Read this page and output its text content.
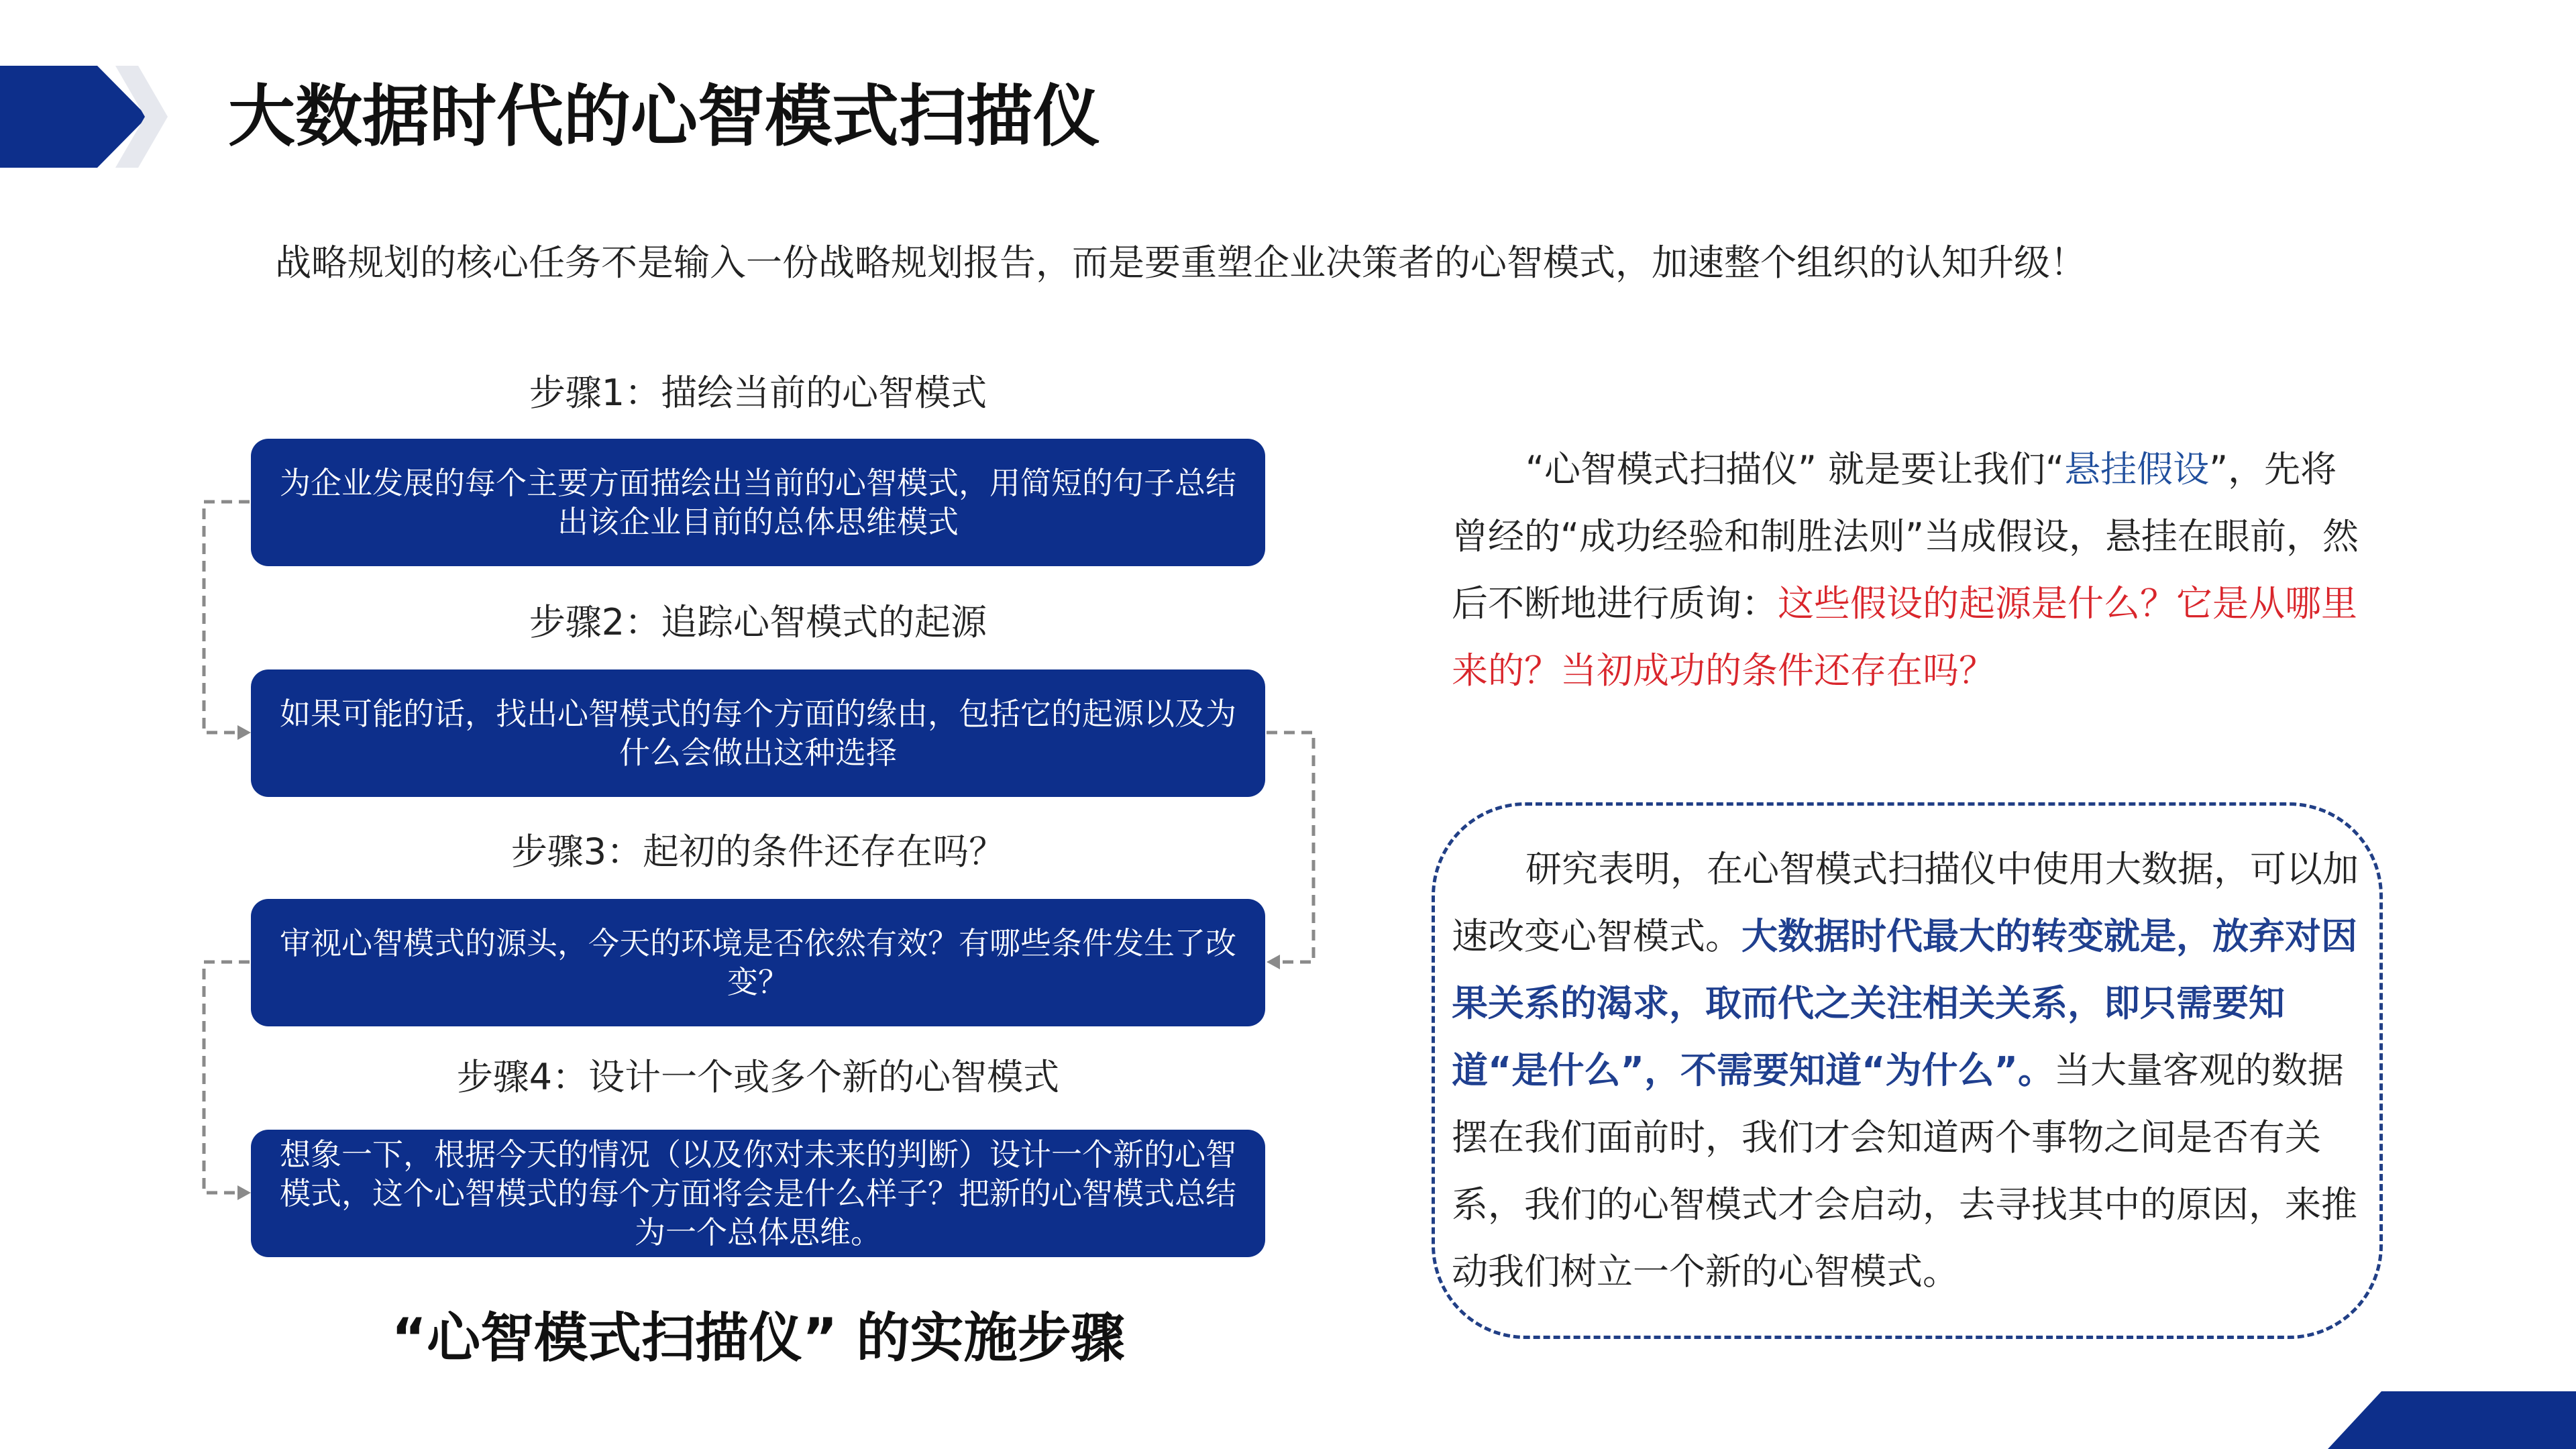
大数据时代的心智模式扫描仪
战略规划的核心任务不是输入一份战略规划报告，而是要重塑企业决策者的心智模式，加速整个组织的认知升级！
步骤1：描绘当前的心智模式
为企业发展的每个主要方面描绘出当前的心智模式，用简短的句子总结出该企业目前的总体思维模式
步骤2：追踪心智模式的起源
如果可能的话，找出心智模式的每个方面的缘由，包括它的起源以及为什么会做出这种选择
步骤3：起初的条件还存在吗？
审视心智模式的源头，今天的环境是否依然有效？有哪些条件发生了改变？
步骤4：设计一个或多个新的心智模式
想象一下，根据今天的情况（以及你对未来的判断）设计一个新的心智模式，这个心智模式的每个方面将会是什么样子？把新的心智模式总结为一个总体思维。
“心智模式扫描仪” 的实施步骤

“心智模式扫描仪” 就是要让我们“悬挂假设”，先将曾经的“成功经验和制胜法则”当成假设，悬挂在眼前，然后不断地进行质询：这些假设的起源是什么？它是从哪里来的？当初成功的条件还存在吗？

研究表明，在心智模式扫描仪中使用大数据，可以加速改变心智模式。大数据时代最大的转变就是，放弃对因果关系的渴求，取而代之关注相关关系，即只需要知道“是什么”，不需要知道“为什么”。当大量客观的数据摆在我们面前时，我们才会知道两个事物之间是否有关系，我们的心智模式才会启动，去寻找其中的原因，来推动我们树立一个新的心智模式。
